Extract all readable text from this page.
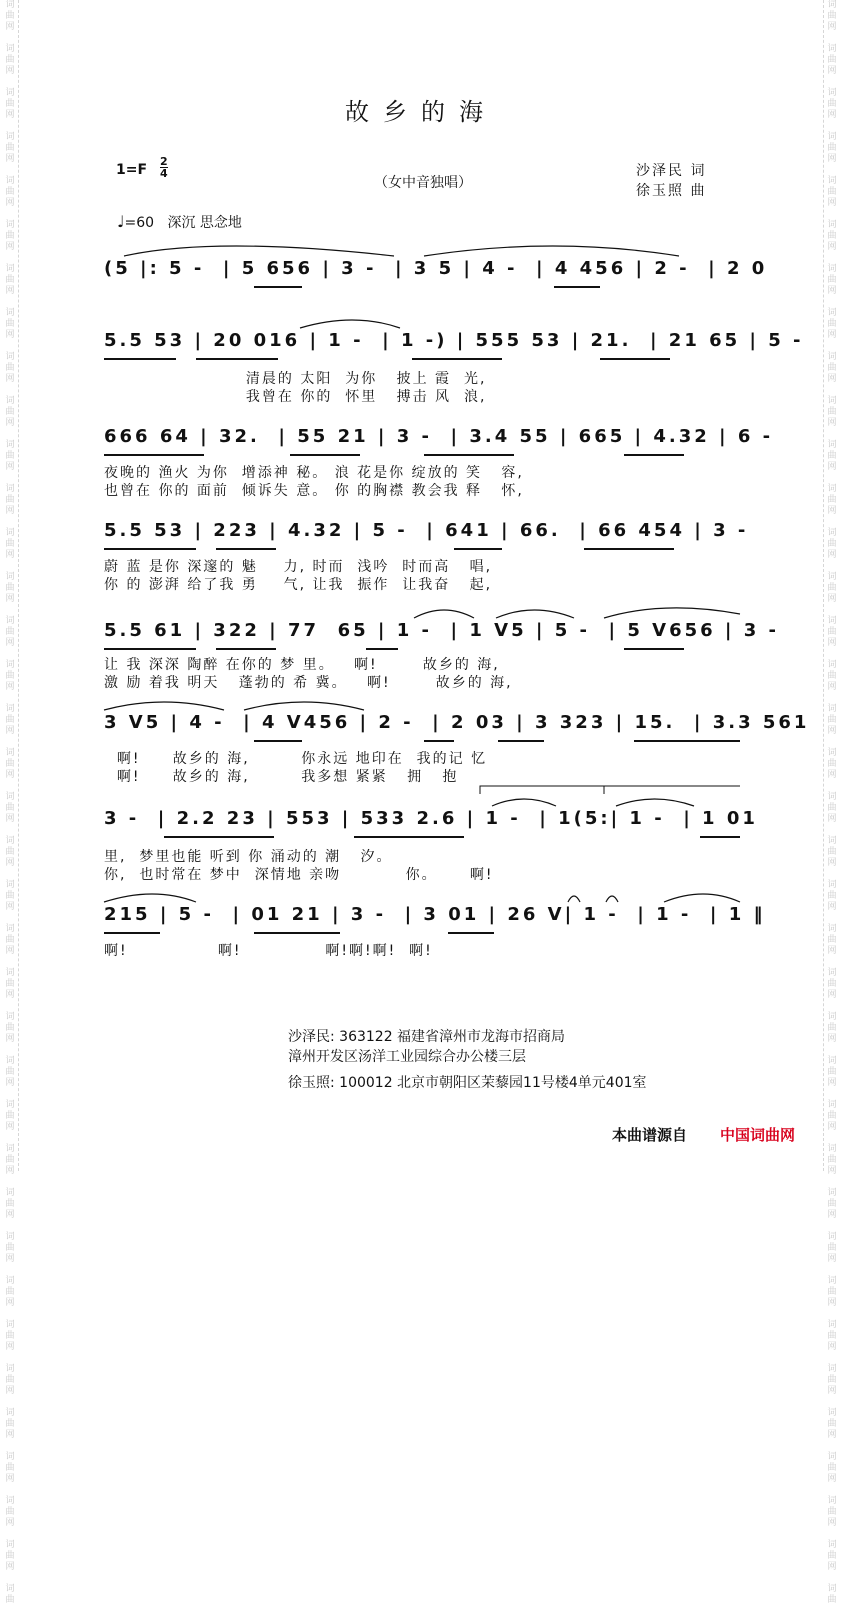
词
曲
网

词
曲
网

词
曲
网

词
曲
网

词
曲
网

词
曲
网

词
曲
网

词
曲
网

词
曲
网

词
曲
网

词
曲
网

词
曲
网

词
曲
网

词
曲
网

词
曲
网

词
曲
网

词
曲
网

词
曲
网

词
曲
网

词
曲
网

词
曲
网

词
曲
网

词
曲
网

词
曲
网

词
曲
网

词
曲
网

词
曲
网

词
曲
网

词
曲
网

词
曲
网

词
曲
网

词
曲
网

词
曲
网

词
曲
网

词
曲
网

词
曲
网

词
曲

词
曲
网

词
曲
网

词
曲
网

词
曲
网

词
曲
网

词
曲
网

词
曲
网

词
曲
网

词
曲
网

词
曲
网

词
曲
网

词
曲
网

词
曲
网

词
曲
网

词
曲
网

词
曲
网

词
曲
网

词
曲
网

词
曲
网

词
曲
网

词
曲
网

词
曲
网

词
曲
网

词
曲
网

词
曲
网

词
曲
网

词
曲
网

词
曲
网

词
曲
网

词
曲
网

词
曲
网

词
曲
网

词
曲
网

词
曲
网

词
曲
网

词
曲
网

词
曲

故乡的海
$1=F \frac{2}{4}$
（女中音独唱）
沙泽民 词
徐玉照 曲
♩=60 深沉 思念地
(5 |: 5 -  | 5 656 | 3 -  | 3 5 | 4 -  | 4 456 | 2 -  | 2 0
5.5 53 | 20 016 | 1 -  | 1 -) | 555 53 | 21.  | 21 65 | 5 -
清晨的 太阳  为你   披上 霞  光,
我曾在 你的  怀里   搏击 风  浪,
666 64 | 32.  | 55 21 | 3 -  | 3.4 55 | 665 | 4.32 | 6 -
夜晚的 渔火 为你  增添神 秘。 浪 花是你 绽放的 笑   容,
也曾在 你的 面前  倾诉失 意。 你 的胸襟 教会我 释   怀,
5.5 53 | 223 | 4.32 | 5 -  | 641 | 66.  | 66 454 | 3 -
蔚 蓝 是你 深邃的 魅    力, 时而  浅吟  时而高   唱,
你 的 澎湃 给了我 勇    气, 让我  振作  让我奋   起,
5.5 61 | 322 | 77  65 | 1 -  | 1 V5 | 5 -  | 5 V656 | 3 -
让 我 深深 陶醉 在你的 梦 里。   啊!       故乡的 海,
激 励 着我 明天   蓬勃的 希 冀。   啊!       故乡的 海,
3 V5 | 4 -  | 4 V456 | 2 -  | 2 03 | 3 323 | 15.  | 3.3 561
啊!     故乡的 海,        你永远 地印在  我的记 忆
啊!     故乡的 海,        我多想 紧紧   拥   抱
3 -  | 2.2 23 | 553 | 533 2.6 | 1 -  | 1(5:| 1 -  | 1 01
里,  梦里也能 听到 你 涌动的 潮   汐。
你,  也时常在 梦中  深情地 亲吻          你。     啊!
215 | 5 -  | 01 21 | 3 -  | 3 01 | 26 V| 1 -  | 1 -  | 1 ‖
啊!              啊!             啊!啊!啊!  啊!
沙泽民: 363122 福建省漳州市龙海市招商局
漳州开发区汤洋工业园综合办公楼三层
徐玉照: 100012 北京市朝阳区茉藜园11号楼4单元401室
本曲谱源自 中国词曲网
